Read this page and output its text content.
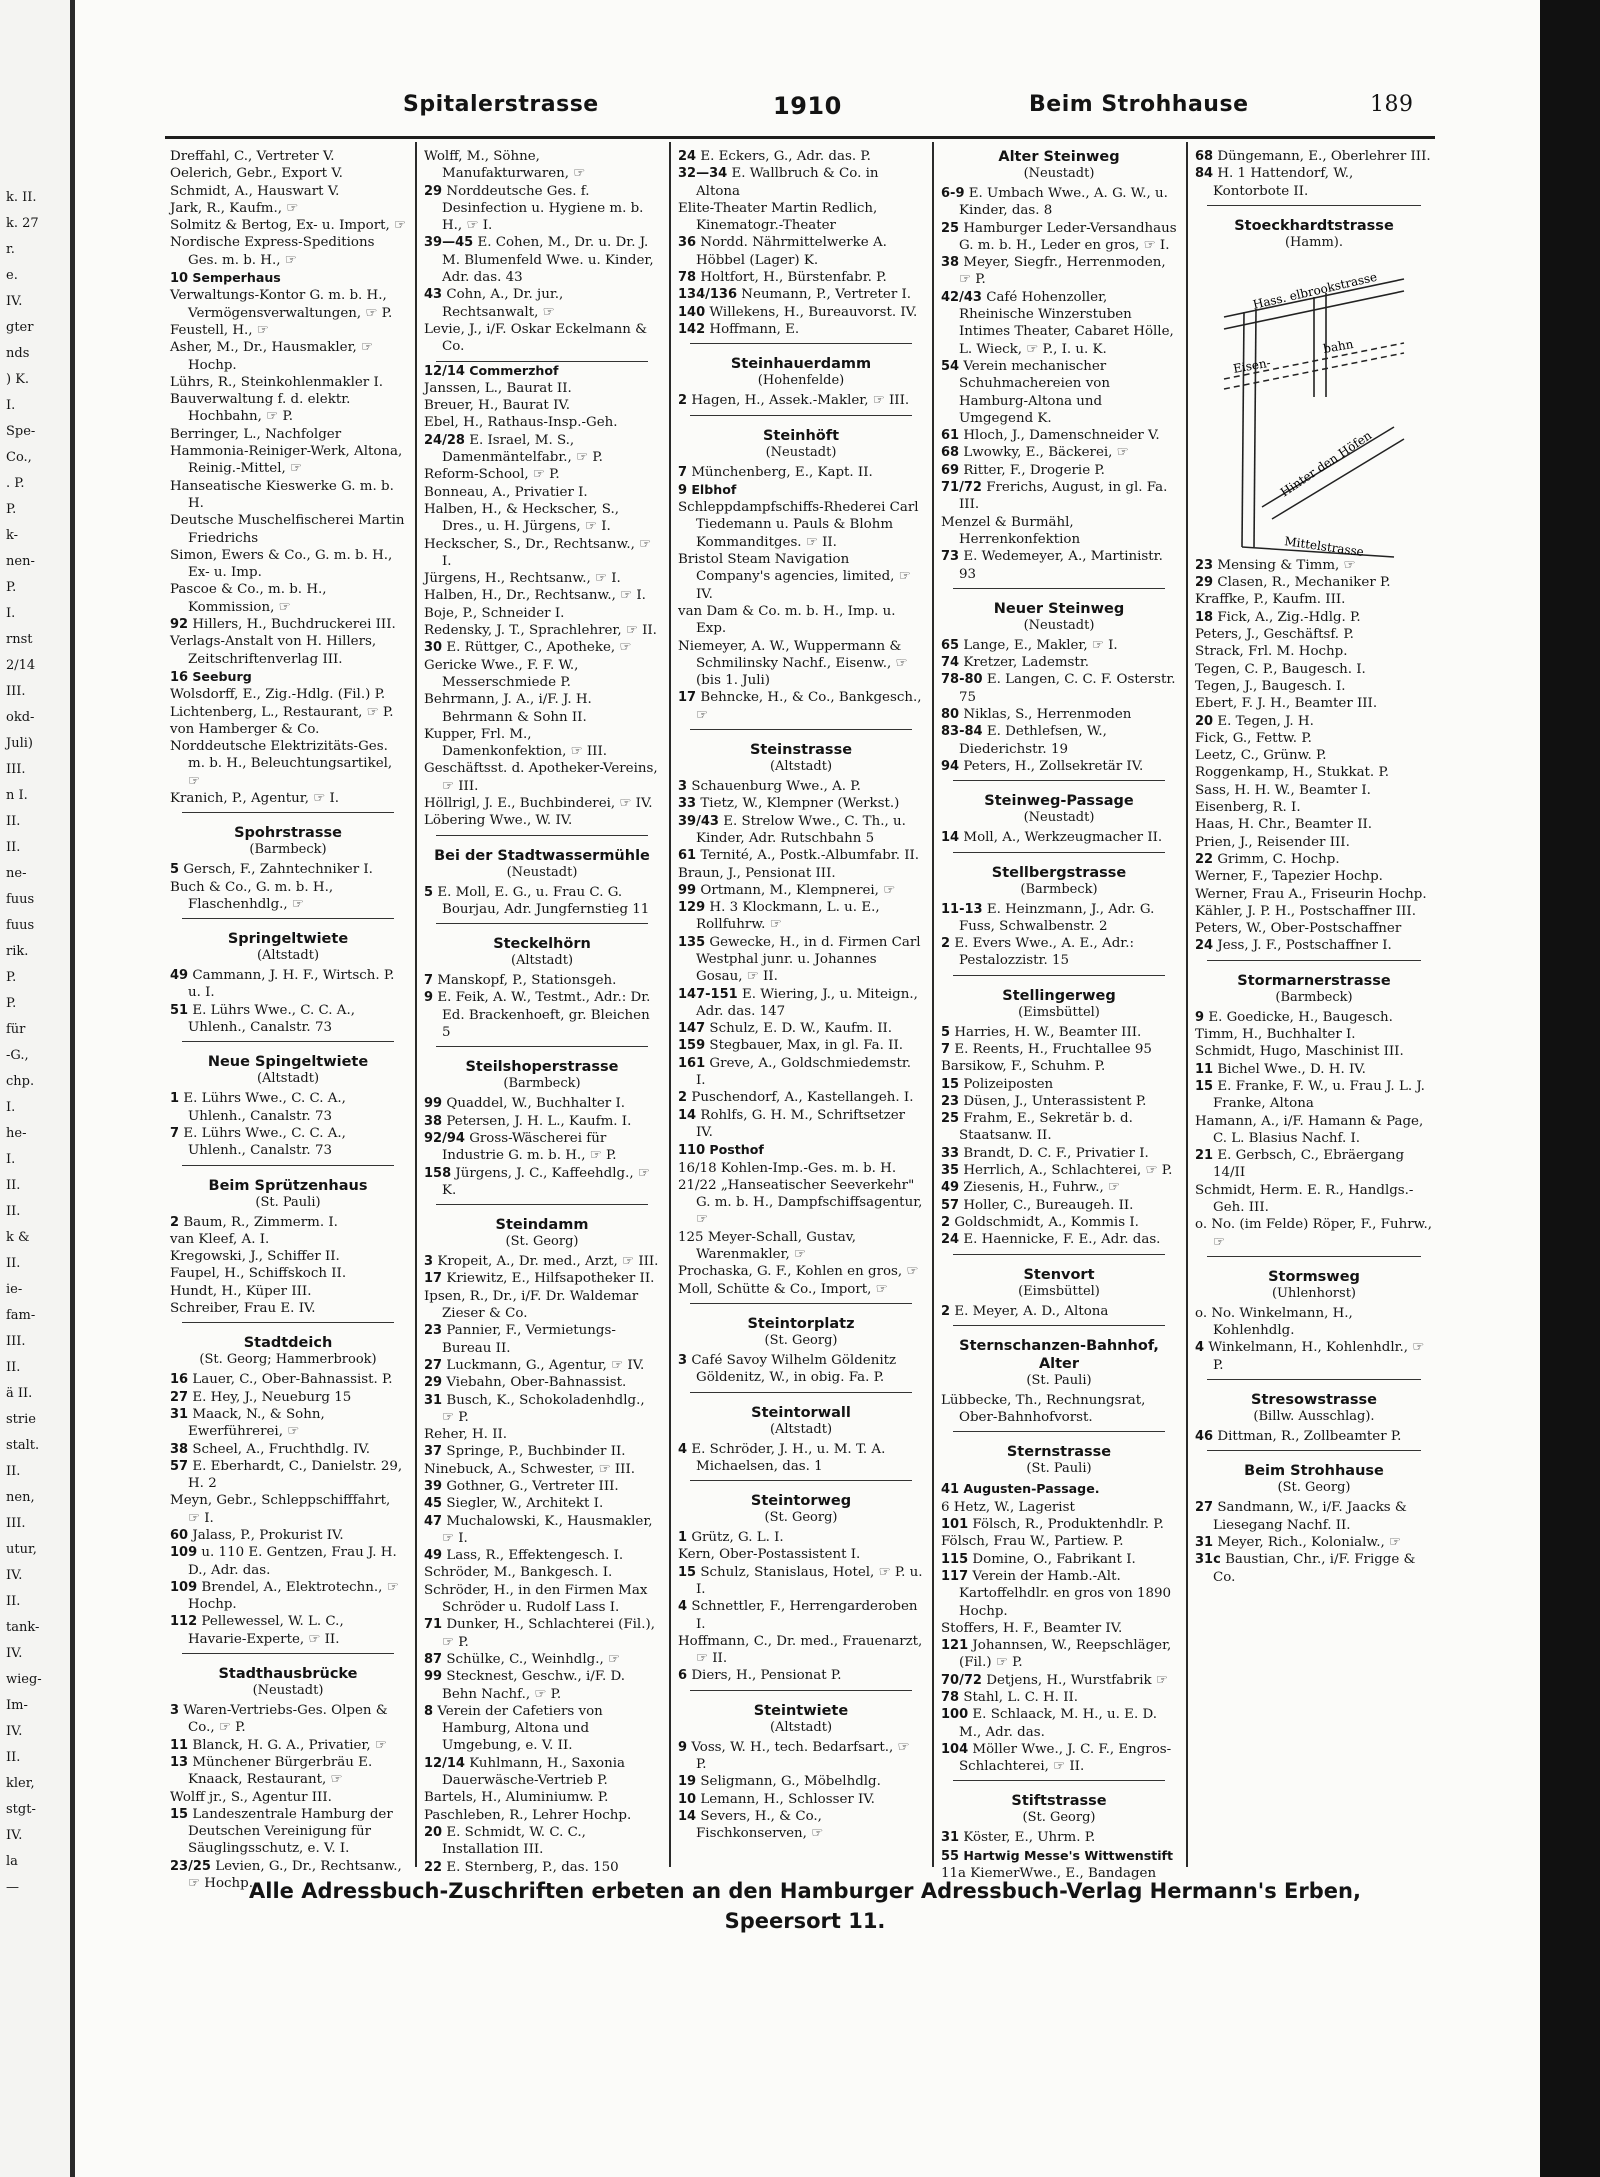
k. II.
k. 27
r.
e.
IV.
gter
nds
) K.
I.
Spe-
Co.,
. P.
P.
k-
nen-
P.
I.
rnst
2/14
III.
okd-
Juli)
III.
n I.
II.
II.
ne-
fuus
fuus
rik.
P.
P.
für
-G.,
chp.
I.
he-
I.
II.
II.
k &
II.
ie-
fam-
III.
II.
ä II.
strie
stalt.
II.
nen,
III.
utur,
IV.
II.
tank-
IV.
wieg-
Im-
IV.
II.
kler,
stgt-
IV.
la
—
Spitalerstrasse	1910	Beim Strohhause	189
Dreffahl, C., Vertreter V.
Oelerich, Gebr., Export V.
Schmidt, A., Hauswart V.
Jark, R., Kaufm., ☞
Solmitz & Bertog, Ex- u. Import, ☞
Nordische Express-Speditions Ges. m. b. H., ☞
10 Semperhaus
Verwaltungs-Kontor G. m. b. H., Vermögensverwaltungen, ☞ P.
Feustell, H., ☞
Asher, M., Dr., Hausmakler, ☞ Hochp.
Lührs, R., Steinkohlenmakler I.
Bauverwaltung f. d. elektr. Hochbahn, ☞ P.
Berringer, L., Nachfolger
Hammonia-Reiniger-Werk, Altona, Reinig.-Mittel, ☞
Hanseatische Kieswerke G. m. b. H.
Deutsche Muschelfischerei Martin Friedrichs
Simon, Ewers & Co., G. m. b. H., Ex- u. Imp.
Pascoe & Co., m. b. H., Kommission, ☞
92 Hillers, H., Buchdruckerei III.
Verlags-Anstalt von H. Hillers, Zeitschriftenverlag III.
16 Seeburg
Wolsdorff, E., Zig.-Hdlg. (Fil.) P.
Lichtenberg, L., Restaurant, ☞ P.
von Hamberger & Co.
Norddeutsche Elektrizitäts-Ges. m. b. H., Beleuchtungsartikel, ☞
Kranich, P., Agentur, ☞ I.
Spohrstrasse
(Barmbeck)
5 Gersch, F., Zahntechniker I.
Buch & Co., G. m. b. H., Flaschenhdlg., ☞
Springeltwiete
(Altstadt)
49 Cammann, J. H. F., Wirtsch. P. u. I.
51 E. Lührs Wwe., C. C. A., Uhlenh., Canalstr. 73
Neue Spingeltwiete
(Altstadt)
1 E. Lührs Wwe., C. C. A., Uhlenh., Canalstr. 73
7 E. Lührs Wwe., C. C. A., Uhlenh., Canalstr. 73
Beim Sprützenhaus
(St. Pauli)
2 Baum, R., Zimmerm. I.
van Kleef, A. I.
Kregowski, J., Schiffer II.
Faupel, H., Schiffskoch II.
Hundt, H., Küper III.
Schreiber, Frau E. IV.
Stadtdeich
(St. Georg; Hammerbrook)
16 Lauer, C., Ober-Bahnassist. P.
27 E. Hey, J., Neueburg 15
31 Maack, N., & Sohn, Ewerführerei, ☞
38 Scheel, A., Fruchthdlg. IV.
57 E. Eberhardt, C., Danielstr. 29, H. 2
Meyn, Gebr., Schleppschifffahrt, ☞ I.
60 Jalass, P., Prokurist IV.
109 u. 110 E. Gentzen, Frau J. H. D., Adr. das.
109 Brendel, A., Elektrotechn., ☞ Hochp.
112 Pellewessel, W. L. C., Havarie-Experte, ☞ II.
Stadthausbrücke
(Neustadt)
3 Waren-Vertriebs-Ges. Olpen & Co., ☞ P.
11 Blanck, H. G. A., Privatier, ☞
13 Münchener Bürgerbräu E. Knaack, Restaurant, ☞
Wolff jr., S., Agentur III.
15 Landeszentrale Hamburg der Deutschen Vereinigung für Säuglingsschutz, e. V. I.
23/25 Levien, G., Dr., Rechtsanw., ☞ Hochp.
Wolff, M., Söhne, Manufakturwaren, ☞
29 Norddeutsche Ges. f. Desinfection u. Hygiene m. b. H., ☞ I.
39—45 E. Cohen, M., Dr. u. Dr. J. M. Blumenfeld Wwe. u. Kinder, Adr. das. 43
43 Cohn, A., Dr. jur., Rechtsanwalt, ☞
Levie, J., i/F. Oskar Eckelmann & Co.
12/14 Commerzhof
Janssen, L., Baurat II.
Breuer, H., Baurat IV.
Ebel, H., Rathaus-Insp.-Geh.
24/28 E. Israel, M. S., Damenmäntelfabr., ☞ P.
Reform-School, ☞ P.
Bonneau, A., Privatier I.
Halben, H., & Heckscher, S., Dres., u. H. Jürgens, ☞ I.
Heckscher, S., Dr., Rechtsanw., ☞ I.
Jürgens, H., Rechtsanw., ☞ I.
Halben, H., Dr., Rechtsanw., ☞ I.
Boje, P., Schneider I.
Redensky, J. T., Sprachlehrer, ☞ II.
30 E. Rüttger, C., Apotheke, ☞
Gericke Wwe., F. F. W., Messerschmiede P.
Behrmann, J. A., i/F. J. H. Behrmann & Sohn II.
Kupper, Frl. M., Damenkonfektion, ☞ III.
Geschäftsst. d. Apotheker-Vereins, ☞ III.
Höllrigl, J. E., Buchbinderei, ☞ IV.
Löbering Wwe., W. IV.
Bei der Stadtwassermühle
(Neustadt)
5 E. Moll, E. G., u. Frau C. G. Bourjau, Adr. Jungfernstieg 11
Steckelhörn
(Altstadt)
7 Manskopf, P., Stationsgeh.
9 E. Feik, A. W., Testmt., Adr.: Dr. Ed. Brackenhoeft, gr. Bleichen 5
Steilshoperstrasse
(Barmbeck)
99 Quaddel, W., Buchhalter I.
38 Petersen, J. H. L., Kaufm. I.
92/94 Gross-Wäscherei für Industrie G. m. b. H., ☞ P.
158 Jürgens, J. C., Kaffeehdlg., ☞ K.
Steindamm
(St. Georg)
3 Kropeit, A., Dr. med., Arzt, ☞ III.
17 Kriewitz, E., Hilfsapotheker II.
Ipsen, R., Dr., i/F. Dr. Waldemar Zieser & Co.
23 Pannier, F., Vermietungs-Bureau II.
27 Luckmann, G., Agentur, ☞ IV.
29 Viebahn, Ober-Bahnassist.
31 Busch, K., Schokoladenhdlg., ☞ P.
Reher, H. II.
37 Springe, P., Buchbinder II.
Ninebuck, A., Schwester, ☞ III.
39 Gothner, G., Vertreter III.
45 Siegler, W., Architekt I.
47 Muchalowski, K., Hausmakler, ☞ I.
49 Lass, R., Effektengesch. I.
Schröder, M., Bankgesch. I.
Schröder, H., in den Firmen Max Schröder u. Rudolf Lass I.
71 Dunker, H., Schlachterei (Fil.), ☞ P.
87 Schülke, C., Weinhdlg., ☞
99 Stecknest, Geschw., i/F. D. Behn Nachf., ☞ P.
8 Verein der Cafetiers von Hamburg, Altona und Umgebung, e. V. II.
12/14 Kuhlmann, H., Saxonia Dauerwäsche-Vertrieb P.
Bartels, H., Aluminiumw. P.
Paschleben, R., Lehrer Hochp.
20 E. Schmidt, W. C. C., Installation III.
22 E. Sternberg, P., das. 150
24 E. Eckers, G., Adr. das. P.
32—34 E. Wallbruch & Co. in Altona
Elite-Theater Martin Redlich, Kinematogr.-Theater
36 Nordd. Nährmittelwerke A. Höbbel (Lager) K.
78 Holtfort, H., Bürstenfabr. P.
134/136 Neumann, P., Vertreter I.
140 Willekens, H., Bureauvorst. IV.
142 Hoffmann, E.
Steinhauerdamm
(Hohenfelde)
2 Hagen, H., Assek.-Makler, ☞ III.
Steinhöft
(Neustadt)
7 Münchenberg, E., Kapt. II.
9 Elbhof
Schleppdampfschiffs-Rhederei Carl Tiedemann u. Pauls & Blohm Kommanditges. ☞ II.
Bristol Steam Navigation Company's agencies, limited, ☞ IV.
van Dam & Co. m. b. H., Imp. u. Exp.
Niemeyer, A. W., Wuppermann & Schmilinsky Nachf., Eisenw., ☞ (bis 1. Juli)
17 Behncke, H., & Co., Bankgesch., ☞
Steinstrasse
(Altstadt)
3 Schauenburg Wwe., A. P.
33 Tietz, W., Klempner (Werkst.)
39/43 E. Strelow Wwe., C. Th., u. Kinder, Adr. Rutschbahn 5
61 Ternité, A., Postk.-Albumfabr. II.
Braun, J., Pensionat III.
99 Ortmann, M., Klempnerei, ☞
129 H. 3 Klockmann, L. u. E., Rollfuhrw. ☞
135 Gewecke, H., in d. Firmen Carl Westphal junr. u. Johannes Gosau, ☞ II.
147-151 E. Wiering, J., u. Miteign., Adr. das. 147
147 Schulz, E. D. W., Kaufm. II.
159 Stegbauer, Max, in gl. Fa. II.
161 Greve, A., Goldschmiedemstr. I.
2 Puschendorf, A., Kastellangeh. I.
14 Rohlfs, G. H. M., Schriftsetzer IV.
110 Posthof
16/18 Kohlen-Imp.-Ges. m. b. H.
21/22 „Hanseatischer Seeverkehr" G. m. b. H., Dampfschiffsagentur, ☞
125 Meyer-Schall, Gustav, Warenmakler, ☞
Prochaska, G. F., Kohlen en gros, ☞
Moll, Schütte & Co., Import, ☞
Steintorplatz
(St. Georg)
3 Café Savoy Wilhelm Göldenitz Göldenitz, W., in obig. Fa. P.
Steintorwall
(Altstadt)
4 E. Schröder, J. H., u. M. T. A. Michaelsen, das. 1
Steintorweg
(St. Georg)
1 Grütz, G. L. I.
Kern, Ober-Postassistent I.
15 Schulz, Stanislaus, Hotel, ☞ P. u. I.
4 Schnettler, F., Herrengarderoben I.
Hoffmann, C., Dr. med., Frauenarzt, ☞ II.
6 Diers, H., Pensionat P.
Steintwiete
(Altstadt)
9 Voss, W. H., tech. Bedarfsart., ☞ P.
19 Seligmann, G., Möbelhdlg.
10 Lemann, H., Schlosser IV.
14 Severs, H., & Co., Fischkonserven, ☞
Alter Steinweg
(Neustadt)
6-9 E. Umbach Wwe., A. G. W., u. Kinder, das. 8
25 Hamburger Leder-Versandhaus G. m. b. H., Leder en gros, ☞ I.
38 Meyer, Siegfr., Herrenmoden, ☞ P.
42/43 Café Hohenzoller, Rheinische Winzerstuben Intimes Theater, Cabaret Hölle, L. Wieck, ☞ P., I. u. K.
54 Verein mechanischer Schuhmachereien von Hamburg-Altona und Umgegend K.
61 Hloch, J., Damenschneider V.
68 Lwowky, E., Bäckerei, ☞
69 Ritter, F., Drogerie P.
71/72 Frerichs, August, in gl. Fa. III.
Menzel & Burmähl, Herrenkonfektion
73 E. Wedemeyer, A., Martinistr. 93
Neuer Steinweg
(Neustadt)
65 Lange, E., Makler, ☞ I.
74 Kretzer, Lademstr.
78-80 E. Langen, C. C. F. Osterstr. 75
80 Niklas, S., Herrenmoden
83-84 E. Dethlefsen, W., Diederichstr. 19
94 Peters, H., Zollsekretär IV.
Steinweg-Passage
(Neustadt)
14 Moll, A., Werkzeugmacher II.
Stellbergstrasse
(Barmbeck)
11-13 E. Heinzmann, J., Adr. G. Fuss, Schwalbenstr. 2
2 E. Evers Wwe., A. E., Adr.: Pestalozzistr. 15
Stellingerweg
(Eimsbüttel)
5 Harries, H. W., Beamter III.
7 E. Reents, H., Fruchtallee 95
Barsikow, F., Schuhm. P.
15 Polizeiposten
23 Düsen, J., Unterassistent P.
25 Frahm, E., Sekretär b. d. Staatsanw. II.
33 Brandt, D. C. F., Privatier I.
35 Herrlich, A., Schlachterei, ☞ P.
49 Ziesenis, H., Fuhrw., ☞
57 Holler, C., Bureaugeh. II.
2 Goldschmidt, A., Kommis I.
24 E. Haennicke, F. E., Adr. das.
Stenvort
(Eimsbüttel)
2 E. Meyer, A. D., Altona
Sternschanzen-Bahnhof, Alter
(St. Pauli)
Lübbecke, Th., Rechnungsrat, Ober-Bahnhofvorst.
Sternstrasse
(St. Pauli)
41 Augusten-Passage.
6 Hetz, W., Lagerist
101 Fölsch, R., Produktenhdlr. P.
Fölsch, Frau W., Partiew. P.
115 Domine, O., Fabrikant I.
117 Verein der Hamb.-Alt. Kartoffelhdlr. en gros von 1890 Hochp.
Stoffers, H. F., Beamter IV.
121 Johannsen, W., Reepschläger, (Fil.) ☞ P.
70/72 Detjens, H., Wurstfabrik ☞
78 Stahl, L. C. H. II.
100 E. Schlaack, M. H., u. E. D. M., Adr. das.
104 Möller Wwe., J. C. F., Engros-Schlachterei, ☞ II.
Stiftstrasse
(St. Georg)
31 Köster, E., Uhrm. P.
55 Hartwig Messe's Wittwenstift
11a KiemerWwe., E., Bandagen
68 Düngemann, E., Oberlehrer III.
84 H. 1 Hattendorf, W., Kontorbote II.
Stoeckhardtstrasse
(Hamm).
Hass. elbrookstrasse
Eisen-
bahn
Hinter den Höfen
Mittelstrasse
23 Mensing & Timm, ☞
29 Clasen, R., Mechaniker P.
Kraffke, P., Kaufm. III.
18 Fick, A., Zig.-Hdlg. P.
Peters, J., Geschäftsf. P.
Strack, Frl. M. Hochp.
Tegen, C. P., Baugesch. I.
Tegen, J., Baugesch. I.
Ebert, F. J. H., Beamter III.
20 E. Tegen, J. H.
Fick, G., Fettw. P.
Leetz, C., Grünw. P.
Roggenkamp, H., Stukkat. P.
Sass, H. H. W., Beamter I.
Eisenberg, R. I.
Haas, H. Chr., Beamter II.
Prien, J., Reisender III.
22 Grimm, C. Hochp.
Werner, F., Tapezier Hochp.
Werner, Frau A., Friseurin Hochp.
Kähler, J. P. H., Postschaffner III.
Peters, W., Ober-Postschaffner
24 Jess, J. F., Postschaffner I.
Stormarnerstrasse
(Barmbeck)
9 E. Goedicke, H., Baugesch.
Timm, H., Buchhalter I.
Schmidt, Hugo, Maschinist III.
11 Bichel Wwe., D. H. IV.
15 E. Franke, F. W., u. Frau J. L. J. Franke, Altona
Hamann, A., i/F. Hamann & Page, C. L. Blasius Nachf. I.
21 E. Gerbsch, C., Ebräergang 14/II
Schmidt, Herm. E. R., Handlgs.-Geh. III.
o. No. (im Felde) Röper, F., Fuhrw., ☞
Stormsweg
(Uhlenhorst)
o. No. Winkelmann, H., Kohlenhdlg.
4 Winkelmann, H., Kohlenhdlr., ☞ P.
Stresowstrasse
(Billw. Ausschlag).
46 Dittman, R., Zollbeamter P.
Beim Strohhause
(St. Georg)
27 Sandmann, W., i/F. Jaacks & Liesegang Nachf. II.
31 Meyer, Rich., Kolonialw., ☞
31c Baustian, Chr., i/F. Frigge & Co.
Alle Adressbuch-Zuschriften erbeten an den Hamburger Adressbuch-Verlag Hermann's Erben, Speersort 11.
